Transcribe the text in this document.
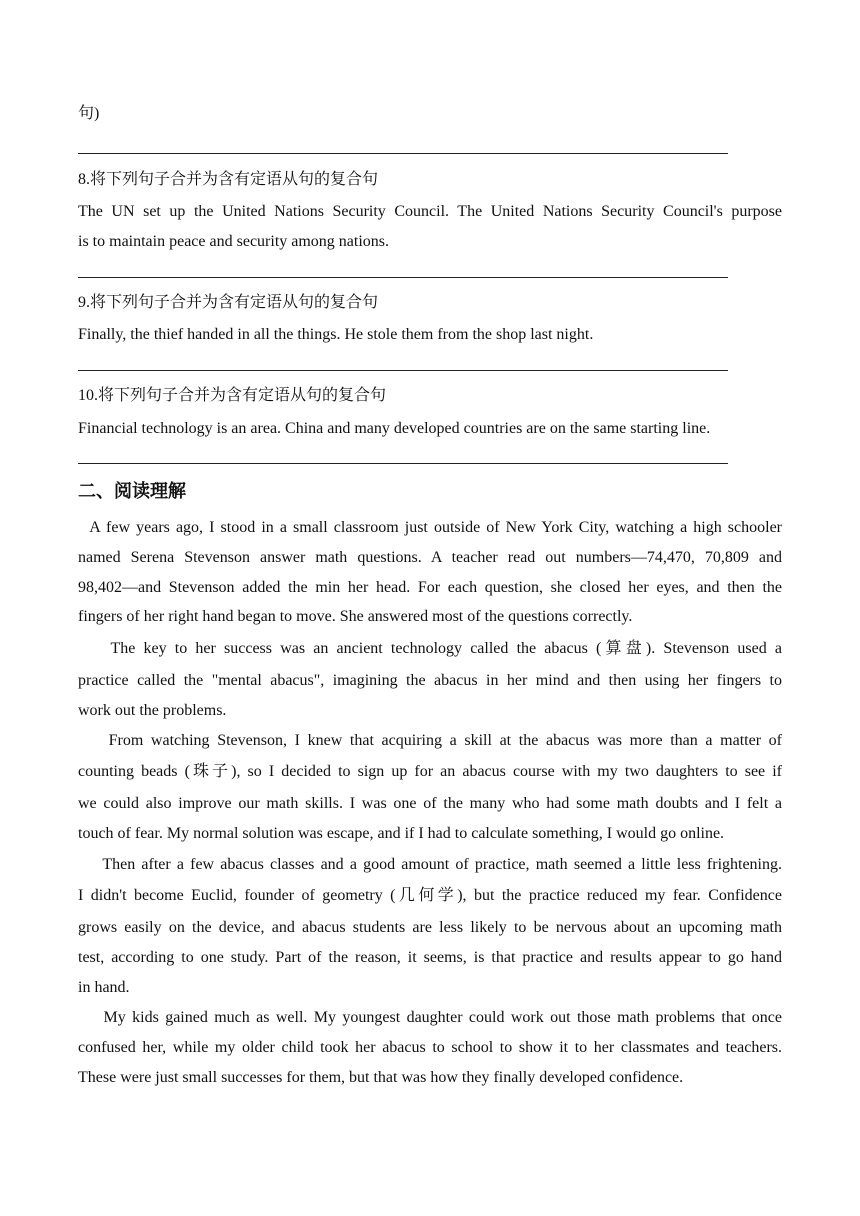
句)
8.将下列句子合并为含有定语从句的复合句
The UN set up the United Nations Security Council. The United Nations Security Council's purpose
is to maintain peace and security among nations.
9.将下列句子合并为含有定语从句的复合句
Finally, the thief handed in all the things. He stole them from the shop last night.
10.将下列句子合并为含有定语从句的复合句
Financial technology is an area. China and many developed countries are on the same starting line.
二、阅读理解
A few years ago, I stood in a small classroom just outside of New York City, watching a high schooler
named Serena Stevenson answer math questions. A teacher read out numbers—74,470, 70,809 and
98,402—and Stevenson added the min her head. For each question, she closed her eyes, and then the
fingers of her right hand began to move. She answered most of the questions correctly.
The key to her success was an ancient technology called the abacus (算盘). Stevenson used a
practice called the "mental abacus", imagining the abacus in her mind and then using her fingers to
work out the problems.
From watching Stevenson, I knew that acquiring a skill at the abacus was more than a matter of
counting beads (珠子), so I decided to sign up for an abacus course with my two daughters to see if
we could also improve our math skills. I was one of the many who had some math doubts and I felt a
touch of fear. My normal solution was escape, and if I had to calculate something, I would go online.
Then after a few abacus classes and a good amount of practice, math seemed a little less frightening.
I didn't become Euclid, founder of geometry (几何学), but the practice reduced my fear. Confidence
grows easily on the device, and abacus students are less likely to be nervous about an upcoming math
test, according to one study. Part of the reason, it seems, is that practice and results appear to go hand
in hand.
My kids gained much as well. My youngest daughter could work out those math problems that once
confused her, while my older child took her abacus to school to show it to her classmates and teachers.
These were just small successes for them, but that was how they finally developed confidence.
